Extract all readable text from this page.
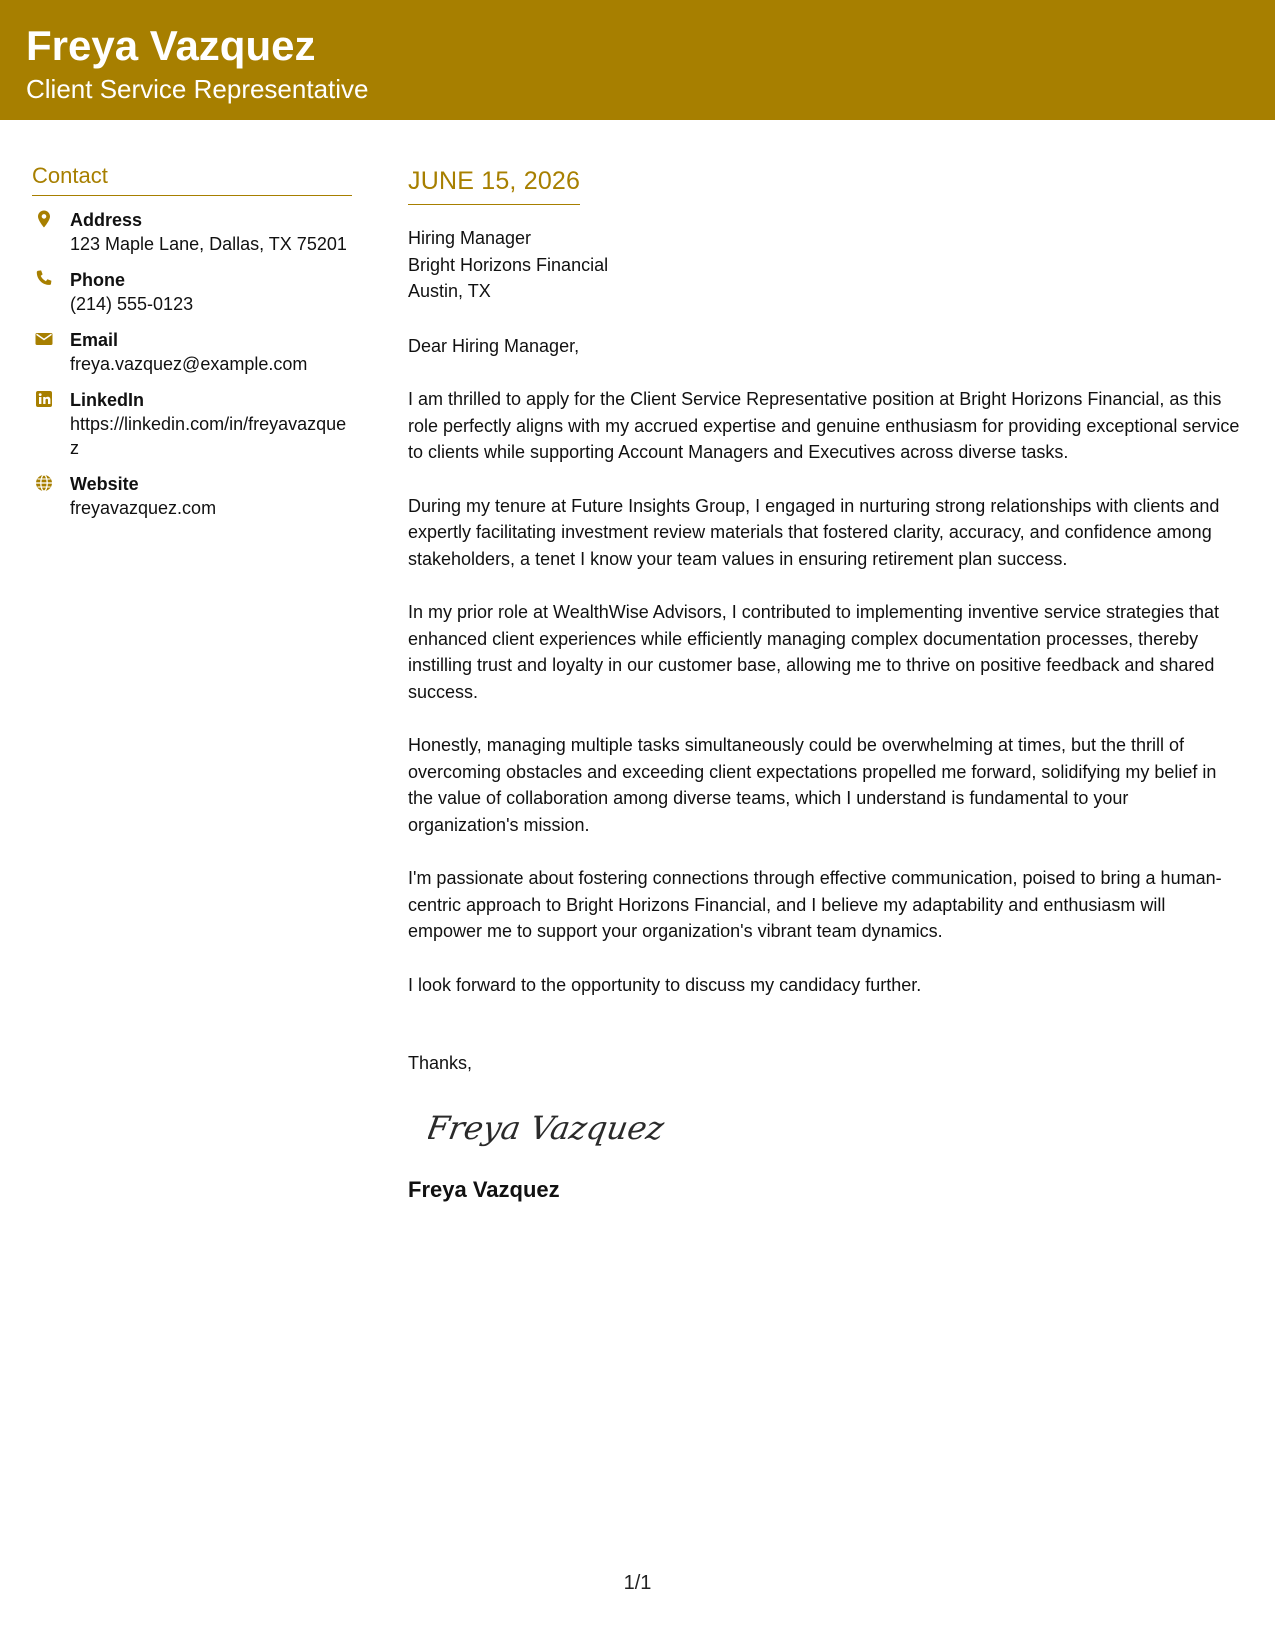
Freya Vazquez
Client Service Representative
Contact
Address
123 Maple Lane, Dallas, TX 75201
Phone
(214) 555-0123
Email
freya.vazquez@example.com
LinkedIn
https://linkedin.com/in/freyavazquez
Website
freyavazquez.com
JUNE 15, 2026
Hiring Manager
Bright Horizons Financial
Austin, TX
Dear Hiring Manager,
I am thrilled to apply for the Client Service Representative position at Bright Horizons Financial, as this role perfectly aligns with my accrued expertise and genuine enthusiasm for providing exceptional service to clients while supporting Account Managers and Executives across diverse tasks.
During my tenure at Future Insights Group, I engaged in nurturing strong relationships with clients and expertly facilitating investment review materials that fostered clarity, accuracy, and confidence among stakeholders, a tenet I know your team values in ensuring retirement plan success.
In my prior role at WealthWise Advisors, I contributed to implementing inventive service strategies that enhanced client experiences while efficiently managing complex documentation processes, thereby instilling trust and loyalty in our customer base, allowing me to thrive on positive feedback and shared success.
Honestly, managing multiple tasks simultaneously could be overwhelming at times, but the thrill of overcoming obstacles and exceeding client expectations propelled me forward, solidifying my belief in the value of collaboration among diverse teams, which I understand is fundamental to your organization's mission.
I'm passionate about fostering connections through effective communication, poised to bring a human-centric approach to Bright Horizons Financial, and I believe my adaptability and enthusiasm will empower me to support your organization's vibrant team dynamics.
I look forward to the opportunity to discuss my candidacy further.
Thanks,
Freya Vazquez
Freya Vazquez
1/1
